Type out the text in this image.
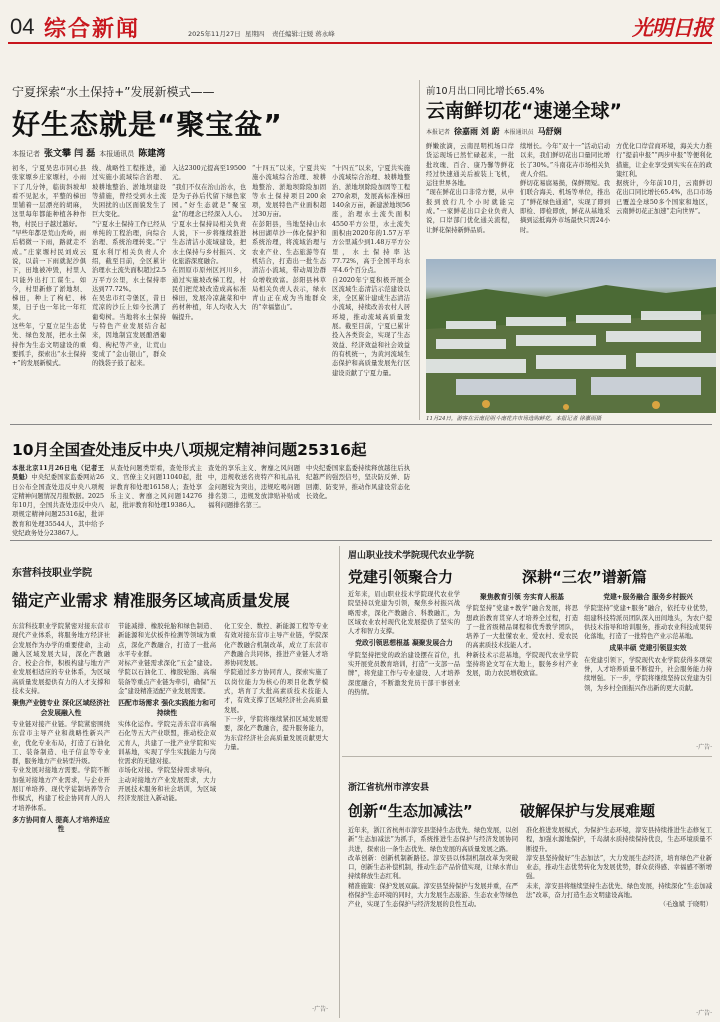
04 综合新闻	2025年11月27日 星期四 责任编辑:汪媛 蒋永峰	光明日报
宁夏探索“水土保持+”发展新模式——
好生态就是“聚宝盆”
本报记者 张文攀 闫 磊 本报通讯员 陈建湾
初冬，宁夏吴忠市同心县张家塬乡庄家塬村，小雨下了几分钟，临街斜坡却看不见泥水，平整的梯田里铺着一层漂亮的胡麻，这里每年都能种植各种作物，村民日子越过越好。
“早些年都是荒山秃岭，雨后稍微一下雨，路就走不成。”庄家塬村民刘成云说，以前一下雨就泥沙俱下，田地被冲毁，村里人只能外出打工谋生。如今，村里新修了淤地坝、梯田，种上了枸杞、林果，日子也一年比一年红火。
这些年，宁夏立足生态优先、绿色发展，把水土保持作为生态文明建设的重要抓手，探索出“水土保持+”的发展新模式。
线、战略性工程推进，通过实施小流域综合治理、坡耕地整治、淤地坝建设等措施，曾经受到水土流失困扰的山区面貌发生了巨大变化。
“宁夏水土保持工作已经从单纯的工程治理，向综合治理、系统治理转变。”宁夏水利厅相关负责人介绍，截至目前，全区累计治理水土流失面积超过2.5万平方公里，水土保持率达到77.72%。
在吴忠市红寺堡区，昔日荒凉的沙丘上如今长满了葡萄树。当地将水土保持与特色产业发展结合起来，因地制宜发展酿酒葡萄、枸杞等产业，让荒山变成了“金山银山”，群众的钱袋子鼓了起来。
入达2300元提高至19500元。
“我们不仅在治山治水，也是为子孙后代留下绿色家园。”好生态就是“聚宝盆”的理念已经深入人心。宁夏水土保持局相关负责人说，下一步将继续推进生态清洁小流域建设，把水土保持与乡村振兴、文化旅游深度融合。
在固原市原州区河川乡，通过实施坡改梯工程，村民们把荒坡改造成高标准梯田，发展冷凉蔬菜和中药材种植，年人均收入大幅提升。
“十四五”以来，宁夏共实施小流域综合治理、坡耕地整治、淤地坝除险加固等水土保持项目200余项，发展特色产业面积超过30万亩。
在彭阳县，当地坚持山水林田湖草沙一体化保护和系统治理，将流域治理与农业产业、生态旅游等有机结合，打造出一批生态清洁小流域，带动周边群众增收致富。彭阳县林草局相关负责人表示，绿水青山正在成为当地群众的“幸福靠山”。
“十四五”以来，宁夏共实施小流域综合治理、坡耕地整治、淤地坝除险加固等工程270余项，发展高标准梯田140余万亩，新建淤地坝56座，治理水土流失面积4550平方公里，水土流失面积由2020年的1.57万平方公里减少到1.48万平方公里，水土保持率达77.72%，高于全国平均水平4.6个百分点。
自2020年宁夏积极开展全区流域生态清洁示范建设以来，全区累计建成生态清洁小流域，持续改善农村人居环境，推动流域高质量发展。截至目前，宁夏已累计投入各类资金，实现了生态效益、经济效益和社会效益的有机统一，为黄河流域生态保护和高质量发展先行区建设贡献了宁夏力量。
前10月出口同比增长65.4%
云南鲜切花“速递全球”
本报记者 徐嘉雨 刘 蔚 本报通讯员 马舒娴
鲜嫩欲滴，云南昆明机场口岸货运现场已然忙碌起来，一批批玫瑰、百合、康乃馨等鲜花经过快速通关后被装上飞机，运往世界各地。
“现在鲜花出口非常方便，从申报到放行几个小时就能完成。”一家鲜花出口企业负责人说，口岸部门优化通关流程，让鲜花保持新鲜品质。
续增长。今年“双十一”活动启动以来，我们鲜切花出口量同比增长了30%。”斗南花卉市场相关负责人介绍。
鲜切花易腐易损，保鲜期短。我们联合海关、机场等单位，推出了“鲜花绿色通道”，实现了即到即检、即检即放，鲜花从基地采摘到运抵海外市场最快只需24小时。
方优化口岸营商环境，海关大力推行“提前申报”“两步申报”等便利化措施，让企业享受到实实在在的政策红利。
据统计，今年前10月，云南鲜切花出口同比增长65.4%，出口市场已覆盖全球50多个国家和地区，云南鲜切花正加速“走向世界”。
11月24日，游客在云南昆明斗南花卉市场选购鲜花。本报记者 徐嘉雨摄
10月全国查处违反中央八项规定精神问题25316起
本报北京11月26日电（记者王昊魁）中央纪委国家监委网站26日公布全国查处违反中央八项规定精神问题情况月报数据。2025年10月，全国共查处违反中央八项规定精神问题25316起，批评教育和处理35544人，其中给予党纪政务处分23867人。
从查处问题类型看，查处形式主义、官僚主义问题11040起，批评教育和处理16158人；查处享乐主义、奢靡之风问题14276起，批评教育和处理19386人。
查处的享乐主义、奢靡之风问题中，违规收送名贵特产和礼品礼金问题较为突出，违规吃喝问题排名第二，违规发放津贴补贴或福利问题排名第三。
中央纪委国家监委持续释放越往后执纪越严的强烈信号，坚决防反弹、防回潮、防变异，推动作风建设常态化长效化。
东营科技职业学院
锚定产业需求 精准服务区域高质量发展
东营科技职业学院紧密对接东营市现代产业体系，将服务地方经济社会发展作为办学的重要使命，主动融入区域发展大局，深化产教融合、校企合作，积极构建与地方产业发展相适应的专业体系，为区域高质量发展提供有力的人才支撑和技术支持。
聚焦产业链专业 深化区域经济社会发展融入性
专业链对接产业链。学院紧密围绕东营市主导产业和战略性新兴产业，优化专业布局，打造了石油化工、装备制造、电子信息等专业群，服务地方产业转型升级。
专业发展对接地方需要。学院不断加强对接地方产业需求，与企业开展订单培养、现代学徒制培养等合作模式，构建了校企协同育人的人才培养体系。
多方协同育人 提高人才培养适应性
节能减排、橡胶轮胎和绿色制造、新能源和光伏板件检测等领域为重点，深化产教融合，打造了一批高水平专业群。
对标产业链需求深化“五金”建设。学院以石油化工、橡胶轮胎、高端装备等重点产业链为牵引，确保“五金”建设精准适配产业发展需要。
匹配市场需求 强化实践能力和可持续性
实体化运作。学院完善东营市高端石化等五大产业联盟，推动校企双元育人，共建了一批产业学院和实训基地，实现了学生实践能力与岗位需求的无缝对接。
市场化对接。学院坚持需求导向，主动对接地方产业发展需求，大力开展技术服务和社会培训，为区域经济发展注入新动能。
化工安全、数控、新能源工程等专业有效对接东营市主导产业链，学院深化产教融合机制改革，成立了东营市产教融合共同体，推进产业链人才培养协同发展。
学院通过多方协同育人，探索实施了以岗位能力为核心的项目化教学模式，培育了大批高素质技术技能人才，有效支撑了区域经济社会高质量发展。
下一步，学院将继续紧扣区域发展需要，深化产教融合，提升服务能力，为东营经济社会高质量发展贡献更大力量。
·广告·
眉山职业技术学院现代农业学院
党建引领聚合力	深耕“三农”谱新篇
近年来，眉山职业技术学院现代农业学院坚持以党建为引领，聚焦乡村振兴战略需求，深化产教融合、科教融汇，为区域农业农村现代化发展提供了坚实的人才和智力支撑。
党政引领思想根基 凝聚发展合力
学院坚持把党的政治建设摆在首位，扎实开展党员教育培训，打造“一支部一品牌”，将党建工作与专业建设、人才培养深度融合，不断激发党员干部干事创业的热情。
聚焦教育引领 夯实育人根基
学院坚持“党建+教学”融合发展，将思想政治教育贯穿人才培养全过程，打造了一批省级精品课程和优秀教学团队，培养了一大批懂农业、爱农村、爱农民的高素质技术技能人才。
种新技术示范基地，学院现代农业学院坚持将论文写在大地上，服务乡村产业发展，助力农民增收致富。
党建+服务融合 服务乡村振兴
学院坚持“党建+服务”融合，依托专业优势，组建科技特派员团队深入田间地头，为农户提供技术指导和培训服务，推动农业科技成果转化落地，打造了一批特色产业示范基地。
成果丰硕 党建引领显实效
在党建引领下，学院现代农业学院获得多项荣誉，人才培养质量不断提升，社会服务能力持续增强。下一步，学院将继续坚持以党建为引领，为乡村全面振兴作出新的更大贡献。
·广告·
浙江省杭州市淳安县
创新“生态加减法”	破解保护与发展难题
近年来，浙江省杭州市淳安县坚持生态优先、绿色发展，以创新“生态加减法”为抓手，系统推进生态保护与经济发展协同共进，探索出一条生态优先、绿色发展的高质量发展之路。
改革创新：创新机制新路径。淳安县以体制机制改革为突破口，创新生态补偿机制，推动生态产品价值实现，让绿水青山持续释放生态红利。
精准施策：保护发展双赢。淳安县坚持保护与发展并重，在严格保护生态环境的同时，大力发展生态旅游、生态农业等绿色产业，实现了生态保护与经济发展的良性互动。
准化推进发展模式，为保护生态环境，淳安县持续推进生态修复工程，加强水源地保护，千岛湖水质持续保持优良，生态环境质量不断提升。
淳安县坚持做好“生态加法”，大力发展生态经济，培育绿色产业新业态，推动生态优势转化为发展优势，群众获得感、幸福感不断增强。
未来，淳安县将继续坚持生态优先、绿色发展，持续深化“生态加减法”改革，奋力打造生态文明建设高地。
（毛逸斌 于晓明）
·广告·
